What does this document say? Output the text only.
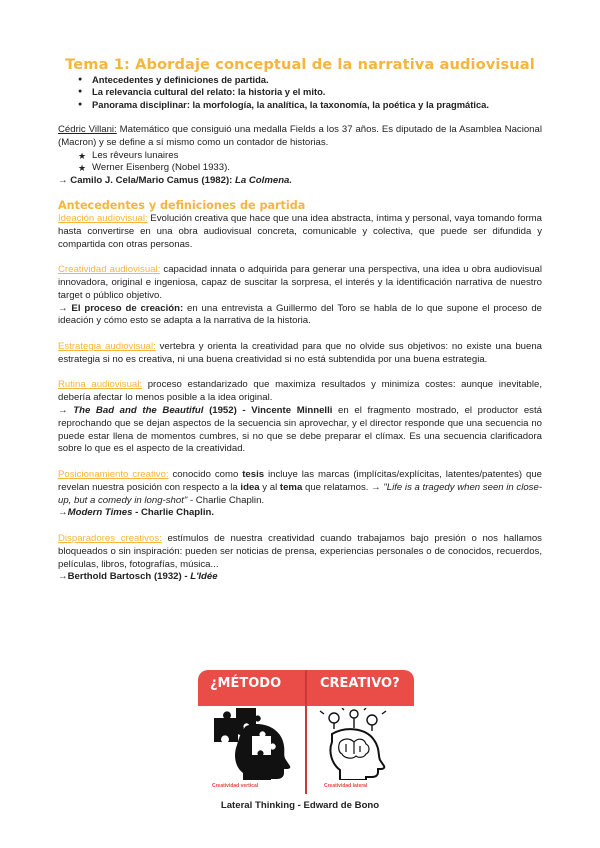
Tema 1: Abordaje conceptual de la narrativa audiovisual
● Antecedentes y definiciones de partida.
● La relevancia cultural del relato: la historia y el mito.
● Panorama disciplinar: la morfología, la analítica, la taxonomía, la poética y la pragmática.

Cédric Villani: Matemático que consiguió una medalla Fields a los 37 años. Es diputado de la Asamblea Nacional (Macron) y se define a sí mismo como un contador de historias.

★ Les rêveurs lunaires
★ Werner Eisenberg (Nobel 1933).

→ Camilo J. Cela/Mario Camus (1982): La Colmena.

Antecedentes y definiciones de partida

Ideación audiovisual: Evolución creativa que hace que una idea abstracta, íntima y personal, vaya tomando forma hasta convertirse en una obra audiovisual concreta, comunicable y colectiva, que puede ser difundida y compartida con otras personas.

Creatividad audiovisual: capacidad innata o adquirida para generar una perspectiva, una idea u obra audiovisual innovadora, original e ingeniosa, capaz de suscitar la sorpresa, el interés y la identificación narrativa de nuestro target o público objetivo.

→ El proceso de creación: en una entrevista a Guillermo del Toro se habla de lo que supone el proceso de ideación y cómo esto se adapta a la narrativa de la historia.

Estrategia audiovisual: vertebra y orienta la creatividad para que no olvide sus objetivos: no existe una buena estrategia si no es creativa, ni una buena creatividad si no está subtendida por una buena estrategia.

Rutina audiovisual: proceso estandarizado que maximiza resultados y minimiza costes: aunque inevitable, debería afectar lo menos posible a la idea original.

→ The Bad and the Beautiful (1952) - Vincente Minnelli en el fragmento mostrado, el productor está reprochando que se dejan aspectos de la secuencia sin aprovechar, y el director responde que una secuencia no puede estar llena de momentos cumbres, si no que se debe preparar el clímax. Es una secuencia clarificadora sobre lo que es el aspecto de la creatividad.

Posicionamiento creativo: conocido como tesis incluye las marcas (implícitas/explícitas, latentes/patentes) que revelan nuestra posición con respecto a la idea y al tema que relatamos. → "Life is a tragedy when seen in close-up, but a comedy in long-shot" - Charlie Chaplin.

→Modern Times - Charlie Chaplin.

Disparadores creativos: estímulos de nuestra creatividad cuando trabajamos bajo presión o nos hallamos bloqueados o sin inspiración: pueden ser noticias de prensa, experiencias personales o de conocidos, recuerdos, películas, libros, fotografías, música...

→Berthold Bartosch (1932) - L'Idée

¿MÉTODO	CREATIVO?
Creatividad vertical	Creatividad lateral
Lateral Thinking - Edward de Bono
